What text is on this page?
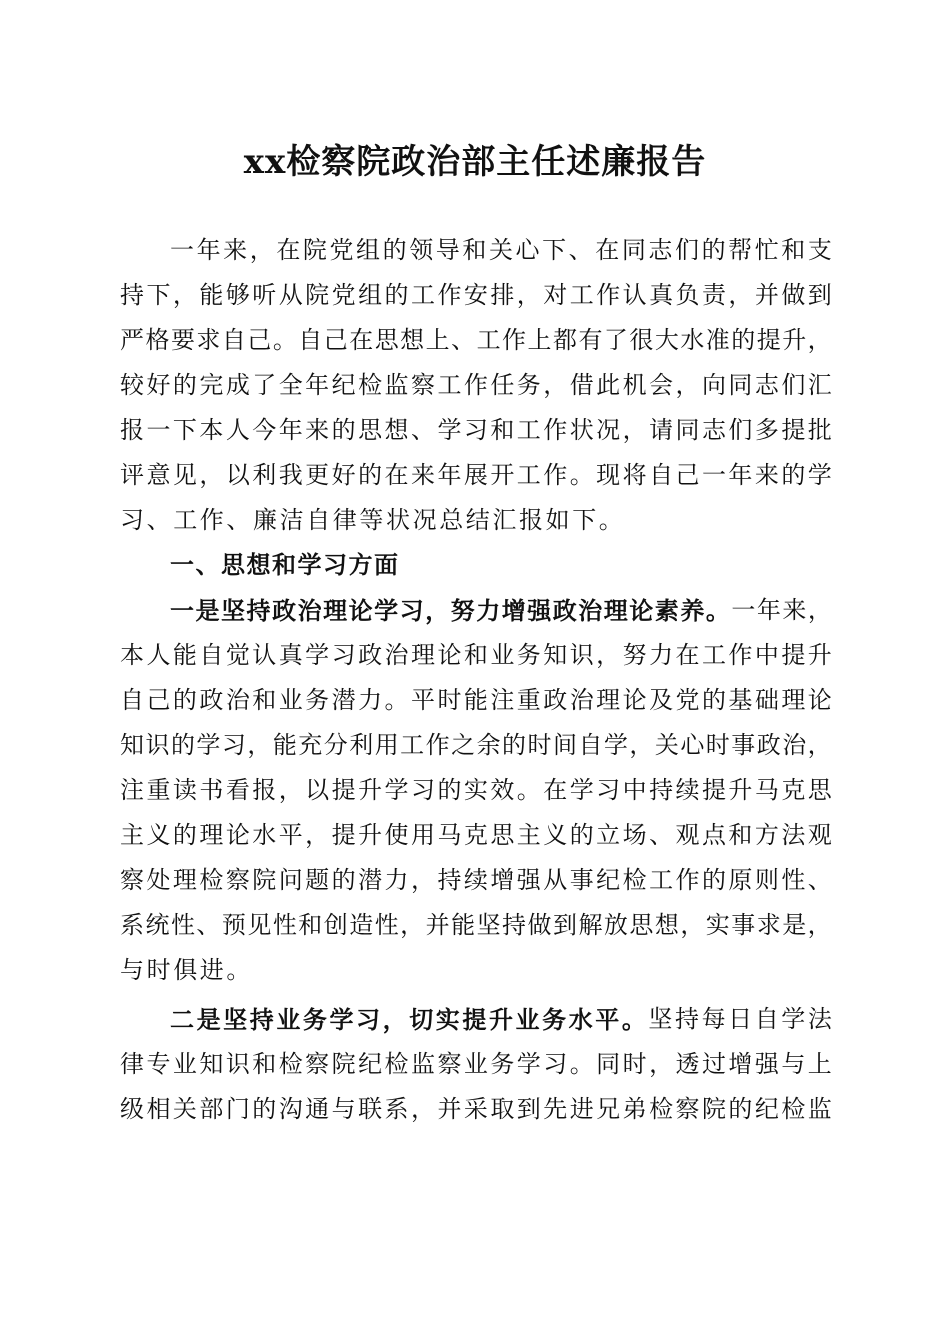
xx检察院政治部主任述廉报告
一 年 来 ， 在 院 党 组 的 领 导 和 关 心 下 、 在 同 志 们 的 帮 忙 和 支
持 下 ， 能 够 听 从 院 党 组 的 工 作 安 排 ， 对 工 作 认 真 负 责 ， 并 做 到
严 格 要 求 自 己 。 自 己 在 思 想 上 、 工 作 上 都 有 了 很 大 水 准 的 提 升 ，
较 好 的 完 成 了 全 年 纪 检 监 察 工 作 任 务 ， 借 此 机 会 ， 向 同 志 们 汇
报 一 下 本 人 今 年 来 的 思 想 、 学 习 和 工 作 状 况 ， 请 同 志 们 多 提 批
评 意 见 ， 以 利 我 更 好 的 在 来 年 展 开 工 作 。 现 将 自 己 一 年 来 的 学
习、工作、廉洁自律等状况总结汇报如下。
一、思想和学习方面
一 是 坚 持 政 治 理 论 学 习 ， 努 力 增 强 政 治 理 论 素 养 。 一 年 来 ，
本 人 能 自 觉 认 真 学 习 政 治 理 论 和 业 务 知 识 ， 努 力 在 工 作 中 提 升
自 己 的 政 治 和 业 务 潜 力 。 平 时 能 注 重 政 治 理 论 及 党 的 基 础 理 论
知 识 的 学 习 ， 能 充 分 利 用 工 作 之 余 的 时 间 自 学 ， 关 心 时 事 政 治 ，
注 重 读 书 看 报 ， 以 提 升 学 习 的 实 效 。 在 学 习 中 持 续 提 升 马 克 思
主 义 的 理 论 水 平 ， 提 升 使 用 马 克 思 主 义 的 立 场 、 观 点 和 方 法 观
察 处 理 检 察 院 问 题 的 潜 力 ， 持 续 增 强 从 事 纪 检 工 作 的 原 则 性 、
系 统 性 、 预 见 性 和 创 造 性 ， 并 能 坚 持 做 到 解 放 思 想 ， 实 事 求 是 ，
与时俱进。
二 是 坚 持 业 务 学 习 ， 切 实 提 升 业 务 水 平 。 坚 持 每 日 自 学 法
律 专 业 知 识 和 检 察 院 纪 检 监 察 业 务 学 习 。 同 时 ， 透 过 增 强 与 上
级 相 关 部 门 的 沟 通 与 联 系 ， 并 采 取 到 先 进 兄 弟 检 察 院 的 纪 检 监
